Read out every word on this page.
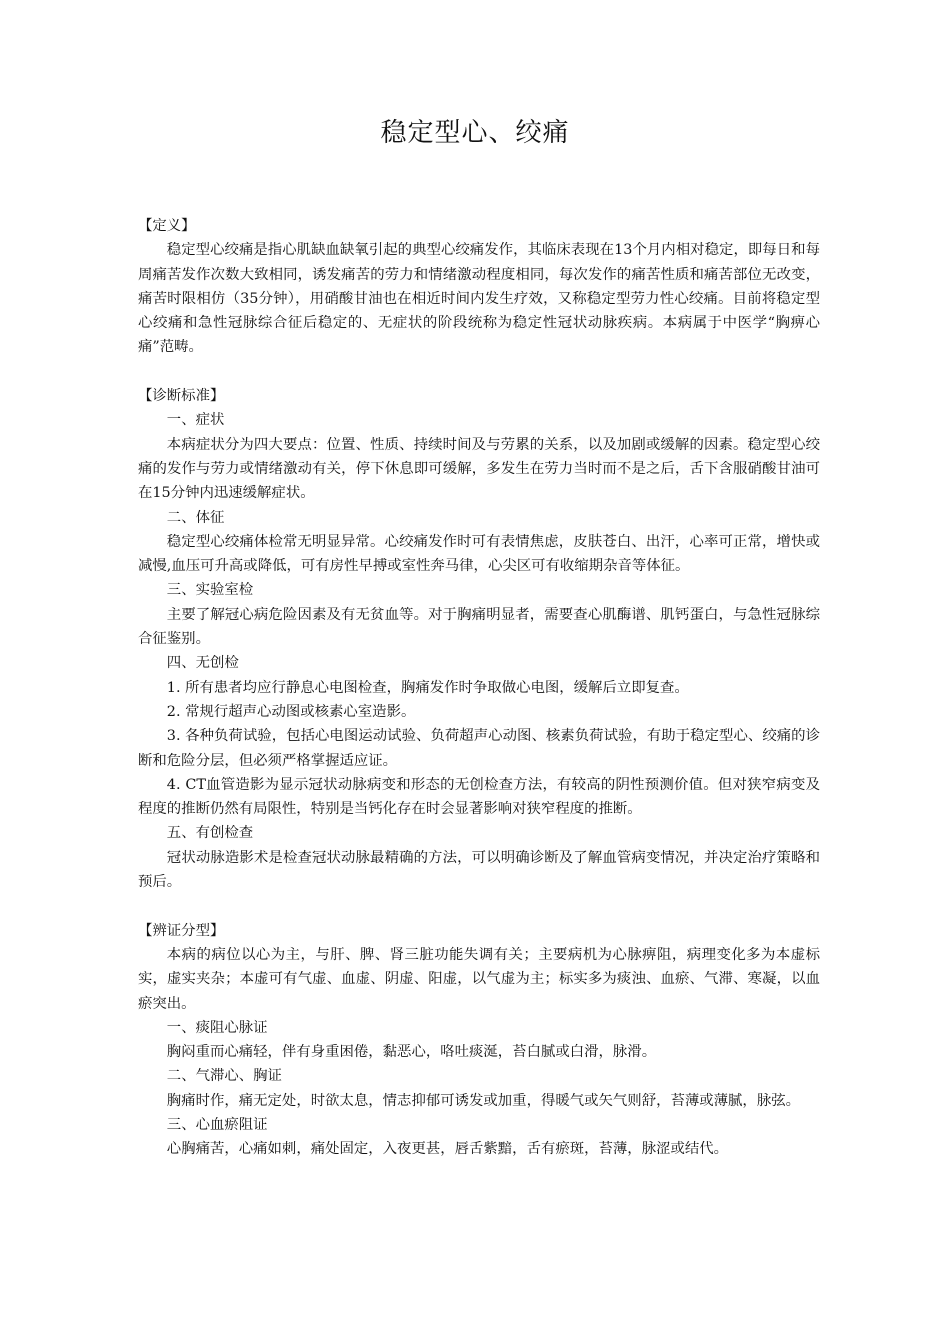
稳定型心、绞痛

【定义】

稳定型心绞痛是指心肌缺血缺氧引起的典型心绞痛发作，其临床表现在13个月内相对稳定，即每日和每周痛苦发作次数大致相同，诱发痛苦的劳力和情绪激动程度相同，每次发作的痛苦性质和痛苦部位无改变，痛苦时限相仿（35分钟），用硝酸甘油也在相近时间内发生疗效，又称稳定型劳力性心绞痛。目前将稳定型心绞痛和急性冠脉综合征后稳定的、无症状的阶段统称为稳定性冠状动脉疾病。本病属于中医学“胸痹心痛”范畴。

【诊断标准】

一、症状

本病症状分为四大要点：位置、性质、持续时间及与劳累的关系，以及加剧或缓解的因素。稳定型心绞痛的发作与劳力或情绪激动有关，停下休息即可缓解，多发生在劳力当时而不是之后，舌下含服硝酸甘油可在15分钟内迅速缓解症状。

二、体征

稳定型心绞痛体检常无明显异常。心绞痛发作时可有表情焦虑，皮肤苍白、出汗，心率可正常，增快或减慢,血压可升高或降低，可有房性早搏或室性奔马律，心尖区可有收缩期杂音等体征。

三、实验室检

主要了解冠心病危险因素及有无贫血等。对于胸痛明显者，需要查心肌酶谱、肌钙蛋白，与急性冠脉综合征鉴别。

四、无创检

1. 所有患者均应行静息心电图检查，胸痛发作时争取做心电图，缓解后立即复查。

2. 常规行超声心动图或核素心室造影。

3. 各种负荷试验，包括心电图运动试验、负荷超声心动图、核素负荷试验，有助于稳定型心、绞痛的诊断和危险分层，但必须严格掌握适应证。

4. CT血管造影为显示冠状动脉病变和形态的无创检查方法，有较高的阴性预测价值。但对狭窄病变及程度的推断仍然有局限性，特别是当钙化存在时会显著影响对狭窄程度的推断。

五、有创检查

冠状动脉造影术是检查冠状动脉最精确的方法，可以明确诊断及了解血管病变情况，并决定治疗策略和预后。

【辨证分型】

本病的病位以心为主，与肝、脾、肾三脏功能失调有关；主要病机为心脉痹阻，病理变化多为本虚标实，虚实夹杂；本虚可有气虚、血虚、阴虚、阳虚，以气虚为主；标实多为痰浊、血瘀、气滞、寒凝，以血瘀突出。

一、痰阻心脉证

胸闷重而心痛轻，伴有身重困倦，黏恶心，咯吐痰涎，苔白腻或白滑，脉滑。

二、气滞心、胸证

胸痛时作，痛无定处，时欲太息，情志抑郁可诱发或加重，得暖气或矢气则舒，苔薄或薄腻，脉弦。

三、心血瘀阻证

心胸痛苦，心痛如刺，痛处固定，入夜更甚，唇舌紫黯，舌有瘀斑，苔薄，脉涩或结代。
